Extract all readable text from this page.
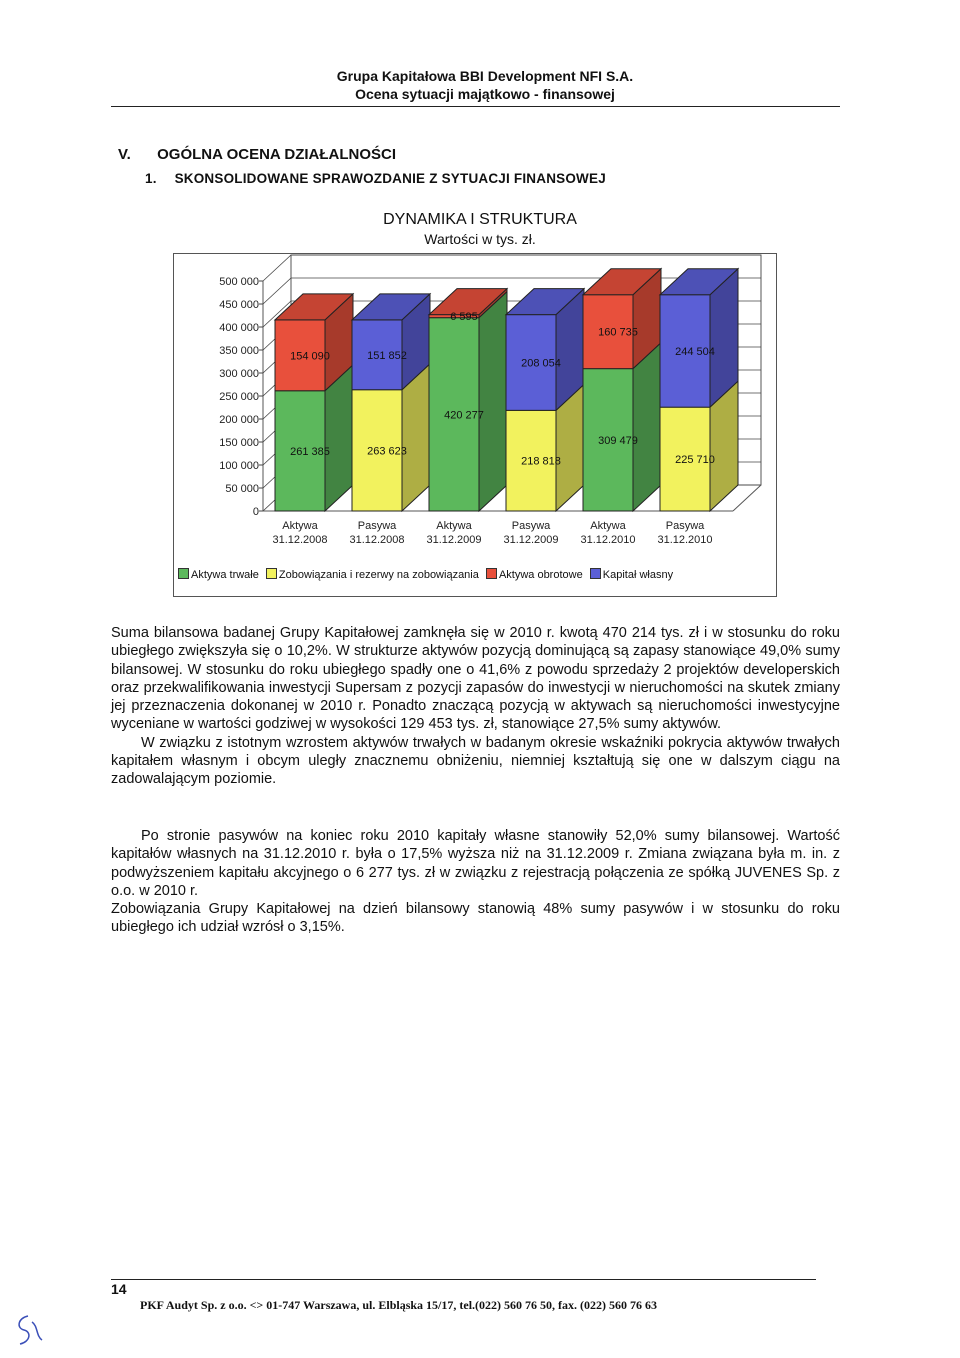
Grupa Kapitałowa BBI Development NFI S.A.
Ocena sytuacji majątkowo - finansowej
V. OGÓLNA OCENA DZIAŁALNOŚCI
1. SKONSOLIDOWANE SPRAWOZDANIE Z SYTUACJI FINANSOWEJ
DYNAMIKA I STRUKTURA
Wartości w tys. zł.
0
50 000
100 000
150 000
200 000
250 000
300 000
350 000
400 000
450 000
500 000
261 385
154 090
Aktywa
31.12.2008
263 623
151 852
Pasywa
31.12.2008
420 277
6 595
Aktywa
31.12.2009
218 818
208 054
Pasywa
31.12.2009
309 479
160 735
Aktywa
31.12.2010
225 710
244 504
Pasywa
31.12.2010
Aktywa trwałe Zobowiązania i rezerwy na zobowiązania Aktywa obrotowe Kapitał własny

Suma bilansowa badanej Grupy Kapitałowej zamknęła się w 2010 r. kwotą 470 214 tys. zł i w stosunku do roku ubiegłego zwiększyła się o 10,2%. W strukturze aktywów pozycją dominującą są zapasy stanowiące 49,0% sumy bilansowej. W stosunku do roku ubiegłego spadły one o 41,6% z powodu sprzedaży 2 projektów developerskich oraz przekwalifikowania inwestycji Supersam z pozycji zapasów do inwestycji w nieruchomości na skutek zmiany jej przeznaczenia dokonanej w 2010 r. Ponadto znaczącą pozycją w aktywach są nieruchomości inwestycyjne wyceniane w wartości godziwej w wysokości 129 453 tys. zł, stanowiące 27,5% sumy aktywów.

W związku z istotnym wzrostem aktywów trwałych w badanym okresie wskaźniki pokrycia aktywów trwałych kapitałem własnym i obcym uległy znacznemu obniżeniu, niemniej kształtują się one w dalszym ciągu na zadowalającym poziomie.

Po stronie pasywów na koniec roku 2010 kapitały własne stanowiły 52,0% sumy bilansowej. Wartość kapitałów własnych na 31.12.2010 r. była o 17,5% wyższa niż na 31.12.2009 r. Zmiana związana była m. in. z podwyższeniem kapitału akcyjnego o 6 277 tys. zł w związku z rejestracją połączenia ze spółką JUVENES Sp. z o.o. w 2010 r.

Zobowiązania Grupy Kapitałowej na dzień bilansowy stanowią 48% sumy pasywów i w stosunku do roku ubiegłego ich udział wzrósł o 3,15%.

14
PKF Audyt Sp. z o.o. <> 01-747 Warszawa, ul. Elbląska 15/17, tel.(022) 560 76 50, fax. (022) 560 76 63
